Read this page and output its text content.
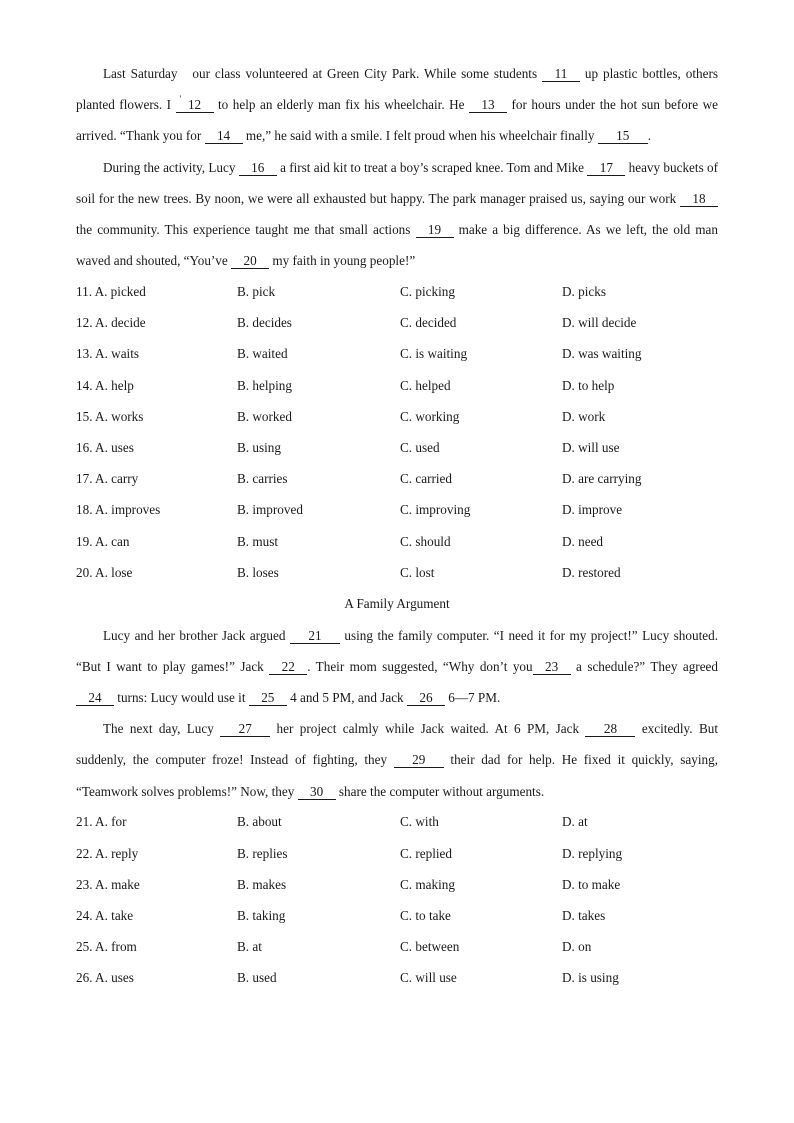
Last Saturday our class volunteered at Green City Park. While some students 11 up plastic bottles, others planted flowers. I 12 to help an elderly man fix his wheelchair. He 13 for hours under the hot sun before we arrived. “Thank you for 14 me,” he said with a smile. I felt proud when his wheelchair finally 15 .

During the activity, Lucy 16 a first aid kit to treat a boy’s scraped knee. Tom and Mike 17 heavy buckets of soil for the new trees. By noon, we were all exhausted but happy. The park manager praised us, saying our work 18 the community. This experience taught me that small actions 19 make a big difference. As we left, the old man waved and shouted, “You’ve 20 my faith in young people!”

11. A. picked	B. pick	C. picking	D. picks
12. A. decide	B. decides	C. decided	D. will decide
13. A. waits	B. waited	C. is waiting	D. was waiting
14. A. help	B. helping	C. helped	D. to help
15. A. works	B. worked	C. working	D. work
16. A. uses	B. using	C. used	D. will use
17. A. carry	B. carries	C. carried	D. are carrying
18. A. improves	B. improved	C. improving	D. improve
19. A. can	B. must	C. should	D. need
20. A. lose	B. loses	C. lost	D. restored

A Family Argument

Lucy and her brother Jack argued 21 using the family computer. “I need it for my project!” Lucy shouted. “But I want to play games!” Jack 22 . Their mom suggested, “Why don’t you 23 a schedule?” They agreed 24 turns: Lucy would use it 25 4 and 5 PM, and Jack 26 6—7 PM.

The next day, Lucy 27 her project calmly while Jack waited. At 6 PM, Jack 28 excitedly. But suddenly, the computer froze! Instead of fighting, they 29 their dad for help. He fixed it quickly, saying, “Teamwork solves problems!” Now, they 30 share the computer without arguments.

21. A. for	B. about	C. with	D. at
22. A. reply	B. replies	C. replied	D. replying
23. A. make	B. makes	C. making	D. to make
24. A. take	B. taking	C. to take	D. takes
25. A. from	B. at	C. between	D. on
26. A. uses	B. used	C. will use	D. is using
